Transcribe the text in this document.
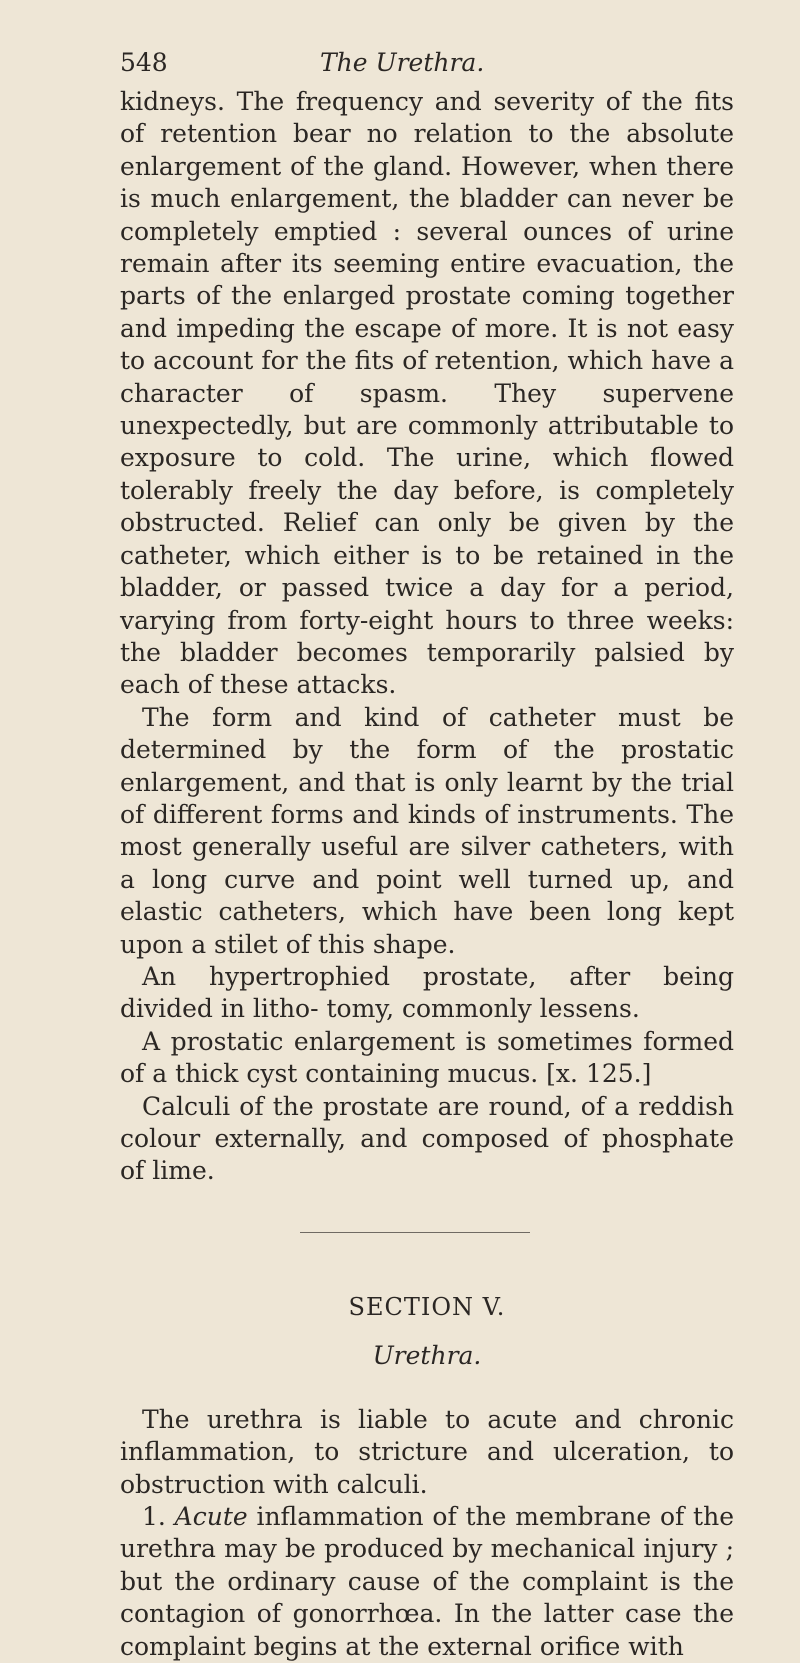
548	The Urethra.

kidneys. The frequency and severity of the fits of retention bear no relation to the absolute enlargement of the gland. However, when there is much enlargement, the bladder can never be completely emptied : several ounces of urine remain after its seeming entire evacuation, the parts of the enlarged prostate coming together and impeding the escape of more. It is not easy to account for the fits of retention, which have a character of spasm. They supervene unexpectedly, but are commonly attributable to exposure to cold. The urine, which flowed tolerably freely the day before, is completely obstructed. Relief can only be given by the catheter, which either is to be retained in the bladder, or passed twice a day for a period, varying from forty-eight hours to three weeks: the bladder becomes temporarily palsied by each of these attacks.

The form and kind of catheter must be determined by the form of the prostatic enlargement, and that is only learnt by the trial of different forms and kinds of instruments. The most generally useful are silver catheters, with a long curve and point well turned up, and elastic catheters, which have been long kept upon a stilet of this shape.

An hypertrophied prostate, after being divided in litho- tomy, commonly lessens.

A prostatic enlargement is sometimes formed of a thick cyst containing mucus. [x. 125.]

Calculi of the prostate are round, of a reddish colour externally, and composed of phosphate of lime.

SECTION V.
Urethra.

The urethra is liable to acute and chronic inflammation, to stricture and ulceration, to obstruction with calculi.

1. Acute inflammation of the membrane of the urethra may be produced by mechanical injury ; but the ordinary cause of the complaint is the contagion of gonorrhœa. In the latter case the complaint begins at the external orifice with
